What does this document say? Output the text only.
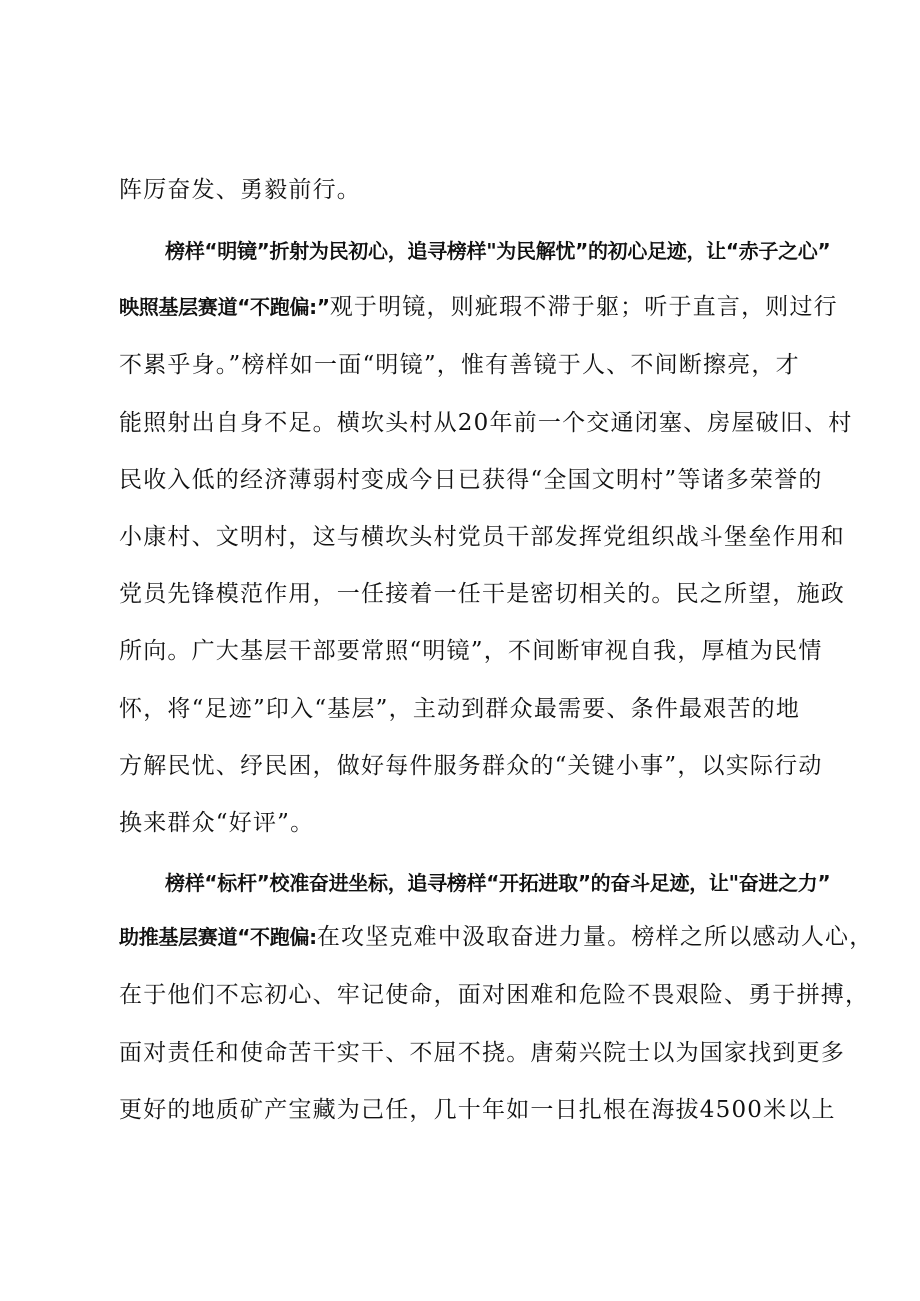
阵厉奋发、勇毅前行。
榜样“明镜”折射为民初心，追寻榜样"为民解忧”的初心足迹，让“赤子之心”
映照基层赛道“不跑偏:”观于明镜，则疵瑕不滞于躯；听于直言，则过行
不累乎身。”榜样如一面“明镜”，惟有善镜于人、不间断擦亮，才
能照射出自身不足。横坎头村从20年前一个交通闭塞、房屋破旧、村
民收入低的经济薄弱村变成今日已获得“全国文明村”等诸多荣誉的
小康村、文明村，这与横坎头村党员干部发挥党组织战斗堡垒作用和
党员先锋模范作用，一任接着一任干是密切相关的。民之所望，施政
所向。广大基层干部要常照“明镜”，不间断审视自我，厚植为民情
怀，将“足迹”印入“基层”，主动到群众最需要、条件最艰苦的地
方解民忧、纾民困，做好每件服务群众的“关键小事”，以实际行动
换来群众“好评”。
榜样“标杆”校准奋进坐标，追寻榜样“开拓进取”的奋斗足迹，让"奋进之力”
助推基层赛道“不跑偏:在攻坚克难中汲取奋进力量。榜样之所以感动人心，
在于他们不忘初心、牢记使命，面对困难和危险不畏艰险、勇于拼搏，
面对责任和使命苦干实干、不屈不挠。唐菊兴院士以为国家找到更多
更好的地质矿产宝藏为己任，几十年如一日扎根在海拔4500米以上
